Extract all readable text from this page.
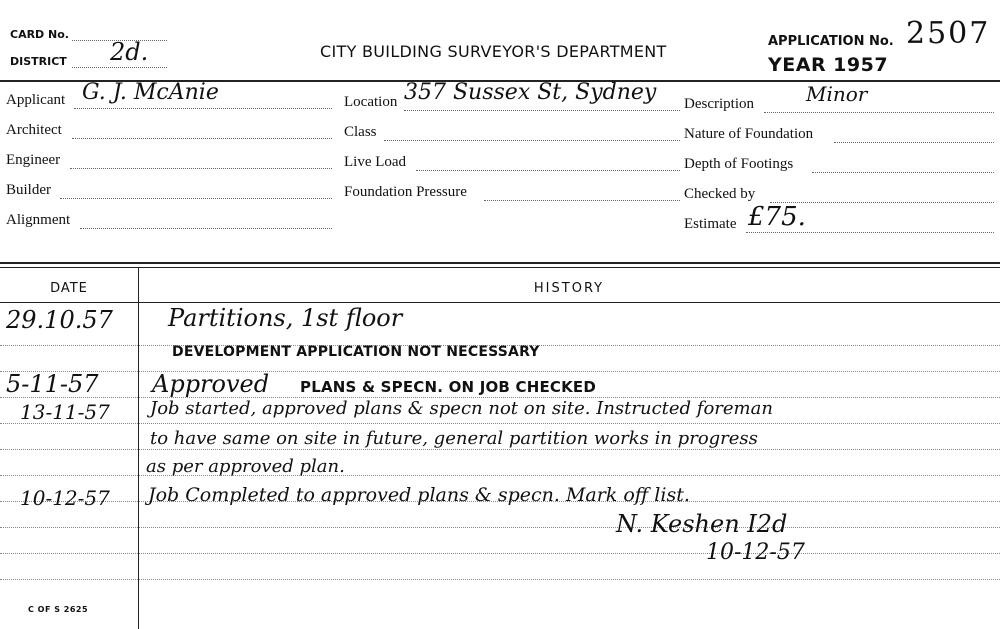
CARD No.
DISTRICT 2d.	CITY BUILDING SURVEYOR'S DEPARTMENT
APPLICATION No. 2507
YEAR 1957
Applicant G. J. McAnie
Architect
Engineer
Builder
Alignment
Location 357 Sussex St, Sydney
Class
Live Load
Foundation Pressure
Description	Minor
Nature of Foundation
Depth of Footings
Checked by
Estimate £75.
DATE	HISTORY
29.10.57 Partitions, 1st floor
DEVELOPMENT APPLICATION NOT NECESSARY
5-11-57 Approved PLANS & SPECN. ON JOB CHECKED
13-11-57 Job started, approved plans & specn not on site. Instructed foreman
to have same on site in future, general partition works in progress
as per approved plan.
10-12-57 Job Completed to approved plans & specn. Mark off list.
N. Keshen I2d
10-12-57
C OF S 2625
